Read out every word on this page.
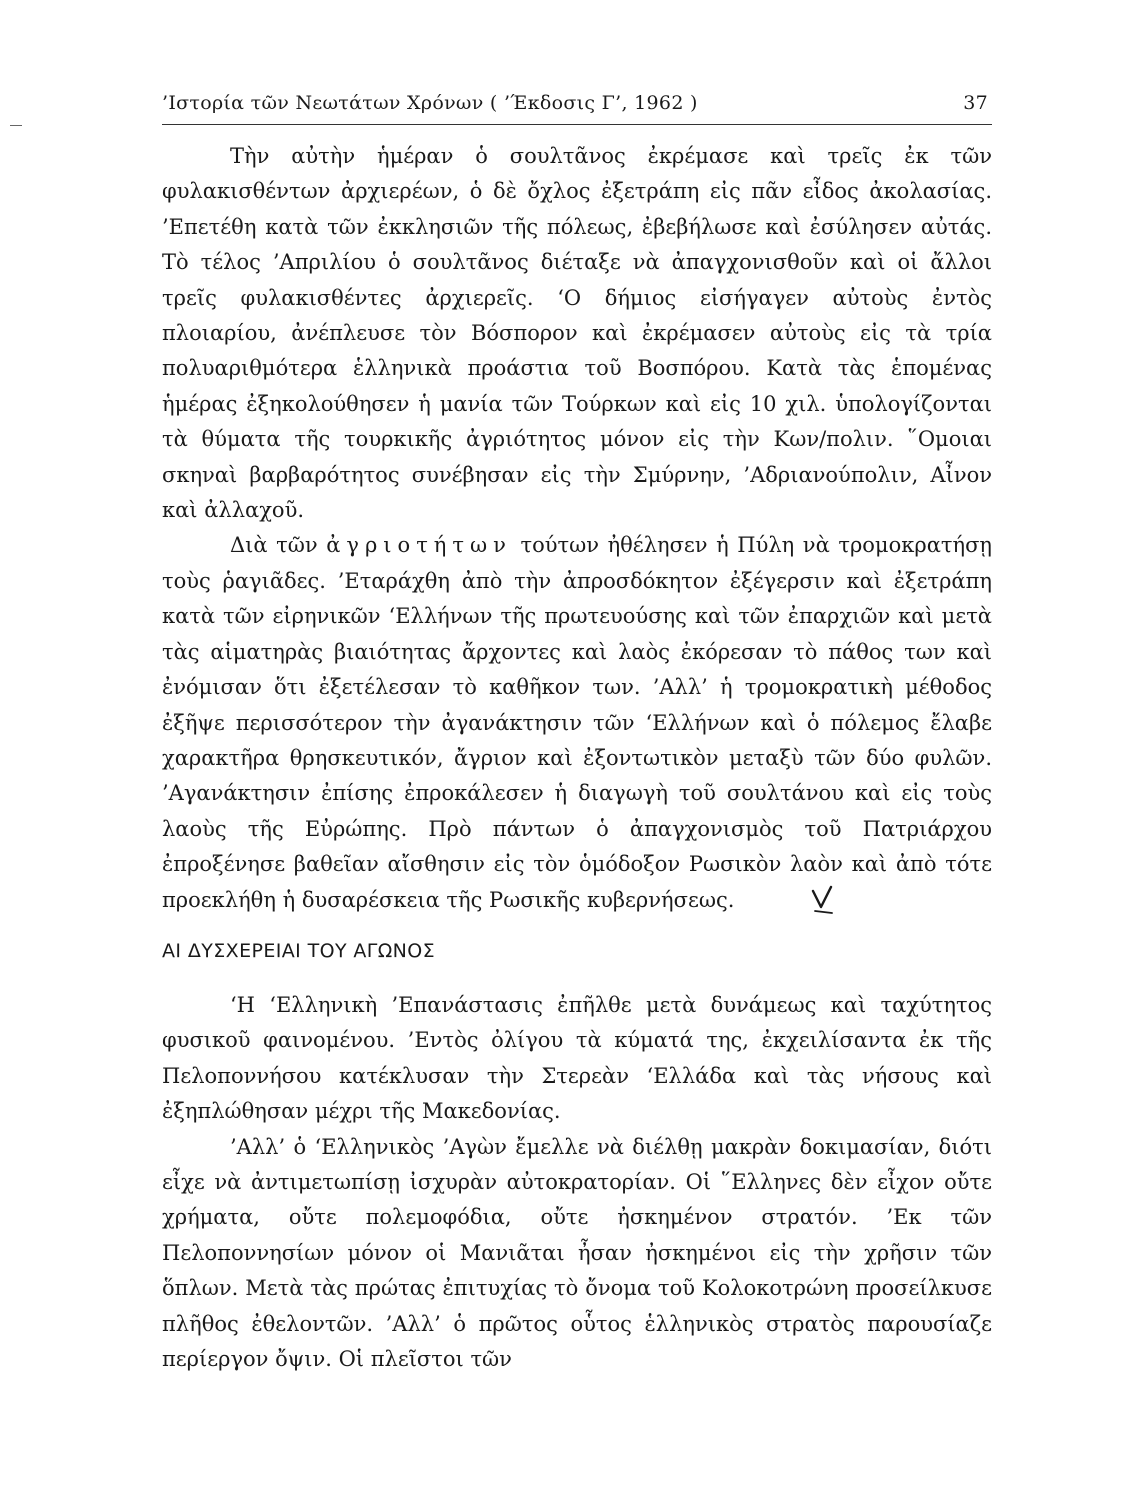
’Ιστορία τῶν Νεωτάτων Χρόνων ( ’Έκδοσις Γ’, 1962 )	37

Τὴν αὐτὴν ἡμέραν ὁ σουλτᾶνος ἐκρέμασε καὶ τρεῖς ἐκ τῶν φυλακισθέντων ἀρχιερέων, ὁ δὲ ὄχλος ἐξετράπη εἰς πᾶν εἶδος ἀκολασίας. ’Επετέθη κατὰ τῶν ἐκκλησιῶν τῆς πόλεως, ἐβεβήλωσε καὶ ἐσύλησεν αὐτάς. Τὸ τέλος ’Απριλίου ὁ σουλτᾶνος διέταξε νὰ ἀπαγχονισθοῦν καὶ οἱ ἄλλοι τρεῖς φυλακισθέντες ἀρχιερεῖς. ‘Ο δήμιος εἰσήγαγεν αὐτοὺς ἐντὸς πλοιαρίου, ἀνέπλευσε τὸν Βόσπορον καὶ ἐκρέμασεν αὐτοὺς εἰς τὰ τρία πολυαριθμότερα ἑλληνικὰ προάστια τοῦ Βοσπόρου. Κατὰ τὰς ἑπομένας ἡμέρας ἐξηκολούθησεν ἡ μανία τῶν Τούρκων καὶ εἰς 10 χιλ. ὑπολογίζονται τὰ θύματα τῆς τουρκικῆς ἀγριότητος μόνον εἰς τὴν Κων/πολιν. ῞Ομοιαι σκηναὶ βαρβαρότητος συνέβησαν εἰς τὴν Σμύρνην, ’Αδριανούπολιν, Αἶνον καὶ ἀλλαχοῦ.

Διὰ τῶν ἀγριοτήτων τούτων ἠθέλησεν ἡ Πύλη νὰ τρομοκρατήσῃ τοὺς ῥαγιᾶδες. ’Εταράχθη ἀπὸ τὴν ἀπροσδόκητον ἐξέγερσιν καὶ ἐξετράπη κατὰ τῶν εἰρηνικῶν ‘Ελλήνων τῆς πρωτευούσης καὶ τῶν ἐπαρχιῶν καὶ μετὰ τὰς αἱματηρὰς βιαιότητας ἄρχοντες καὶ λαὸς ἐκόρεσαν τὸ πάθος των καὶ ἐνόμισαν ὅτι ἐξετέλεσαν τὸ καθῆκον των. ’Αλλ’ ἡ τρομοκρατικὴ μέθοδος ἐξῆψε περισσότερον τὴν ἀγανάκτησιν τῶν ‘Ελλήνων καὶ ὁ πόλεμος ἔλαβε χαρακτῆρα θρησκευτικόν, ἄγριον καὶ ἐξοντωτικὸν μεταξὺ τῶν δύο φυλῶν. ’Αγανάκτησιν ἐπίσης ἐπροκάλεσεν ἡ διαγωγὴ τοῦ σουλτάνου καὶ εἰς τοὺς λαοὺς τῆς Εὐρώπης. Πρὸ πάντων ὁ ἀπαγχονισμὸς τοῦ Πατριάρχου ἐπροξένησε βαθεῖαν αἴσθησιν εἰς τὸν ὁμόδοξον Ρωσικὸν λαὸν καὶ ἀπὸ τότε προεκλήθη ἡ δυσαρέσκεια τῆς Ρωσικῆς κυβερνήσεως.

ΑΙ ΔΥΣΧΕΡΕΙΑΙ ΤΟΥ ΑΓΩΝΟΣ

‘Η ‘Ελληνικὴ ’Επανάστασις ἐπῆλθε μετὰ δυνάμεως καὶ ταχύτητος φυσικοῦ φαινομένου. ’Εντὸς ὀλίγου τὰ κύματά της, ἐκχειλίσαντα ἐκ τῆς Πελοποννήσου κατέκλυσαν τὴν Στερεὰν ‘Ελλάδα καὶ τὰς νήσους καὶ ἐξηπλώθησαν μέχρι τῆς Μακεδονίας.

’Αλλ’ ὁ ‘Ελληνικὸς ’Αγὼν ἔμελλε νὰ διέλθῃ μακρὰν δοκιμασίαν, διότι εἶχε νὰ ἀντιμετωπίσῃ ἰσχυρὰν αὐτοκρατορίαν. Οἱ ῞Ελληνες δὲν εἶχον οὔτε χρήματα, οὔτε πολεμοφόδια, οὔτε ἠσκημένον στρατόν. ’Εκ τῶν Πελοποννησίων μόνον οἱ Μανιᾶται ἦσαν ἠσκημένοι εἰς τὴν χρῆσιν τῶν ὅπλων. Μετὰ τὰς πρώτας ἐπιτυχίας τὸ ὄνομα τοῦ Κολοκοτρώνη προσείλκυσε πλῆθος ἐθελοντῶν. ’Αλλ’ ὁ πρῶτος οὗτος ἑλληνικὸς στρατὸς παρουσίαζε περίεργον ὄψιν. Οἱ πλεῖστοι τῶν
